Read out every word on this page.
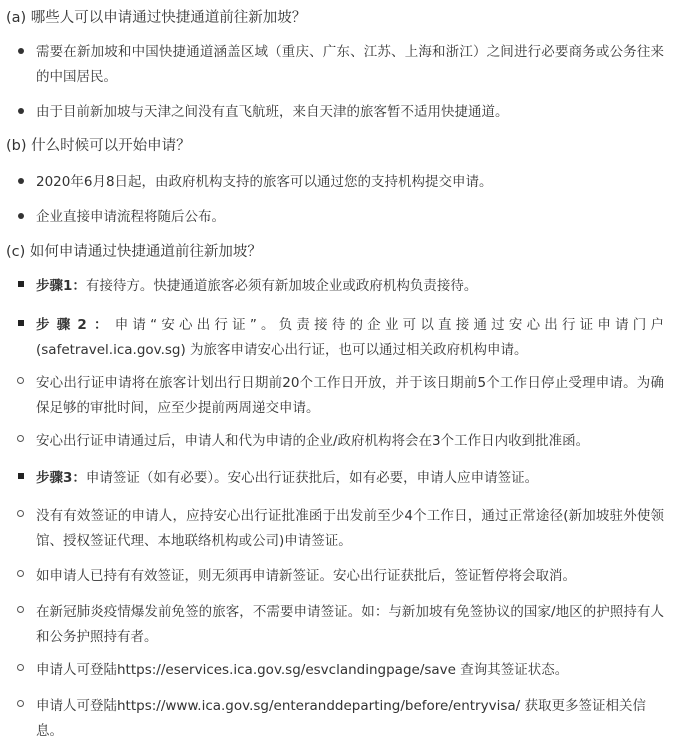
(a) 哪些人可以申请通过快捷通道前往新加坡？
需要在新加坡和中国快捷通道涵盖区域（重庆、广东、江苏、上海和浙江）之间进行必要商务或公务往来的中国居民。
由于目前新加坡与天津之间没有直飞航班，来自天津的旅客暂不适用快捷通道。
(b) 什么时候可以开始申请？
2020年6月8日起，由政府机构支持的旅客可以通过您的支持机构提交申请。
企业直接申请流程将随后公布。
(c) 如何申请通过快捷通道前往新加坡？
步骤1：有接待方。快捷通道旅客必须有新加坡企业或政府机构负责接待。
步骤2：申请“安心出行证”。负责接待的企业可以直接通过安心出行证申请门户(safetravel.ica.gov.sg) 为旅客申请安心出行证，也可以通过相关政府机构申请。
安心出行证申请将在旅客计划出行日期前20个工作日开放，并于该日期前5个工作日停止受理申请。为确保足够的审批时间，应至少提前两周递交申请。
安心出行证申请通过后，申请人和代为申请的企业/政府机构将会在3个工作日内收到批准函。
步骤3：申请签证（如有必要）。安心出行证获批后，如有必要，申请人应申请签证。
没有有效签证的申请人，应持安心出行证批准函于出发前至少4个工作日，通过正常途径(新加坡驻外使领馆、授权签证代理、本地联络机构或公司)申请签证。
如申请人已持有有效签证，则无须再申请新签证。安心出行证获批后，签证暂停将会取消。
在新冠肺炎疫情爆发前免签的旅客，不需要申请签证。如：与新加坡有免签协议的国家/地区的护照持有人和公务护照持有者。
申请人可登陆https://eservices.ica.gov.sg/esvclandingpage/save 查询其签证状态。
申请人可登陆https://www.ica.gov.sg/enteranddeparting/before/entryvisa/ 获取更多签证相关信息。
